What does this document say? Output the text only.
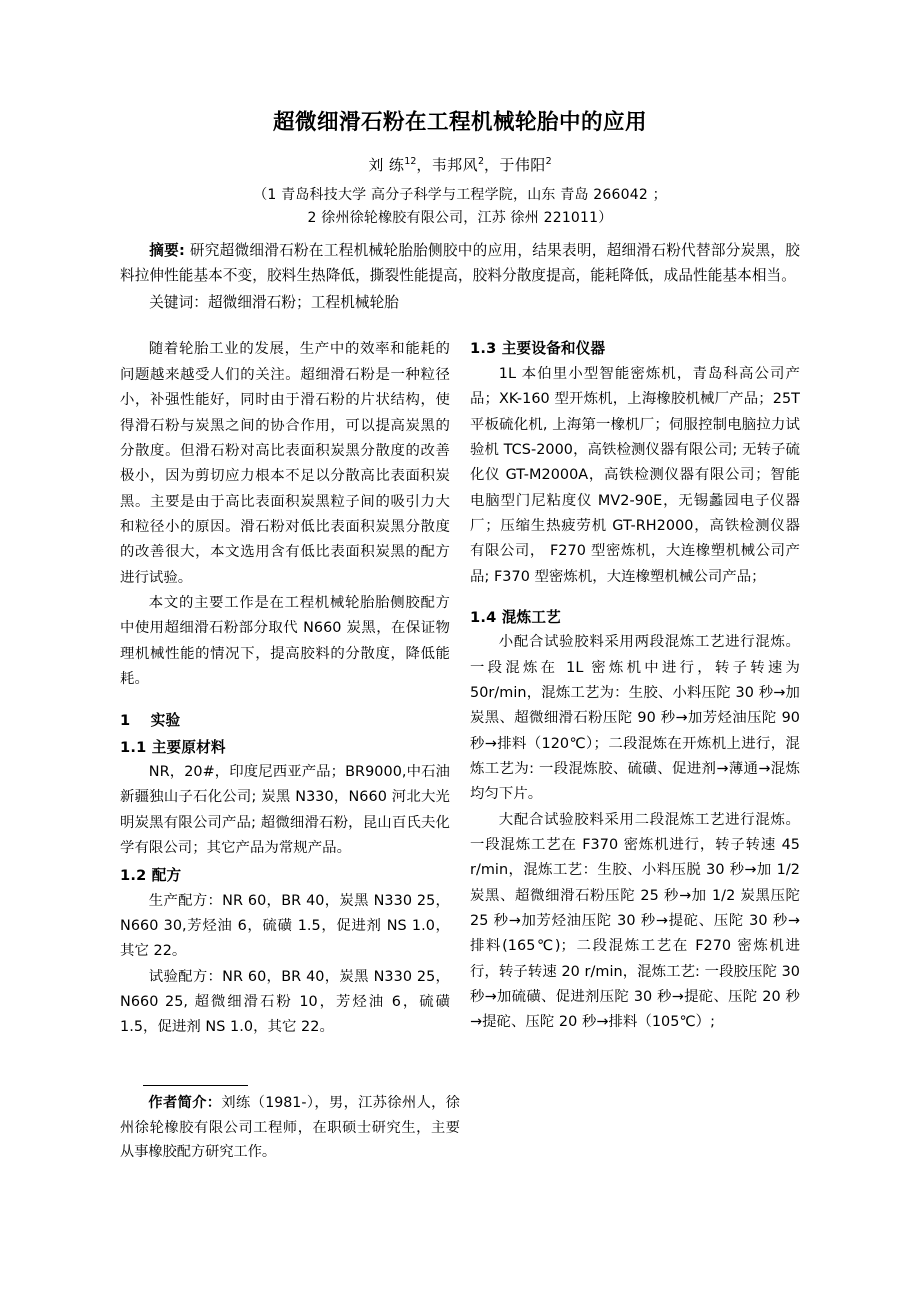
超微细滑石粉在工程机械轮胎中的应用
刘 练$^{12}$，韦邦风$^2$，于伟阳$^2$
（1 青岛科技大学 高分子科学与工程学院，山东 青岛 266042 ；
2 徐州徐轮橡胶有限公司，江苏 徐州 221011）

摘要: 研究超微细滑石粉在工程机械轮胎胎侧胶中的应用，结果表明，超细滑石粉代替部分炭黑，胶料拉伸性能基本不变，胶料生热降低，撕裂性能提高，胶料分散度提高，能耗降低，成品性能基本相当。

关键词：超微细滑石粉；工程机械轮胎

随着轮胎工业的发展，生产中的效率和能耗的问题越来越受人们的关注。超细滑石粉是一种粒径小，补强性能好，同时由于滑石粉的片状结构，使得滑石粉与炭黑之间的协合作用，可以提高炭黑的分散度。但滑石粉对高比表面积炭黑分散度的改善极小，因为剪切应力根本不足以分散高比表面积炭黑。主要是由于高比表面积炭黑粒子间的吸引力大和粒径小的原因。滑石粉对低比表面积炭黑分散度的改善很大，本文选用含有低比表面积炭黑的配方进行试验。

本文的主要工作是在工程机械轮胎胎侧胶配方中使用超细滑石粉部分取代 N660 炭黑，在保证物理机械性能的情况下，提高胶料的分散度，降低能耗。

1 实验
1.1 主要原材料

NR，20#，印度尼西亚产品；BR9000,中石油新疆独山子石化公司; 炭黑 N330，N660 河北大光明炭黑有限公司产品; 超微细滑石粉，昆山百氏夫化学有限公司；其它产品为常规产品。

1.2 配方

生产配方：NR 60，BR 40，炭黑 N330 25，N660 30,芳烃油 6，硫磺 1.5，促进剂 NS 1.0，其它 22。

试验配方：NR 60，BR 40，炭黑 N330 25，N660 25, 超微细滑石粉 10，芳烃油 6，硫磺 1.5，促进剂 NS 1.0，其它 22。

1.3 主要设备和仪器

1L 本伯里小型智能密炼机，青岛科高公司产品；XK-160 型开炼机，上海橡胶机械厂产品；25T 平板硫化机, 上海第一橡机厂；伺服控制电脑拉力试验机 TCS-2000，高铁检测仪器有限公司; 无转子硫化仪 GT-M2000A，高铁检测仪器有限公司；智能电脑型门尼粘度仪 MV2-90E，无锡蠡园电子仪器厂；压缩生热疲劳机 GT-RH2000，高铁检测仪器有限公司， F270 型密炼机，大连橡塑机械公司产品; F370 型密炼机，大连橡塑机械公司产品；

1.4 混炼工艺

小配合试验胶料采用两段混炼工艺进行混炼。一段混炼在 1L 密炼机中进行，转子转速为 50r/min，混炼工艺为：生胶、小料压陀 30 秒→加炭黑、超微细滑石粉压陀 90 秒→加芳烃油压陀 90 秒→排料（120℃）；二段混炼在开炼机上进行，混炼工艺为: 一段混炼胶、硫磺、促进剂→薄通→混炼均匀下片。

大配合试验胶料采用二段混炼工艺进行混炼。一段混炼工艺在 F370 密炼机进行，转子转速 45 r/min，混炼工艺：生胶、小料压脱 30 秒→加 1/2 炭黑、超微细滑石粉压陀 25 秒→加 1/2 炭黑压陀 25 秒→加芳烃油压陀 30 秒→提砣、压陀 30 秒→排料(165℃)；二段混炼工艺在 F270 密炼机进行，转子转速 20 r/min，混炼工艺: 一段胶压陀 30 秒→加硫磺、促进剂压陀 30 秒→提砣、压陀 20 秒→提砣、压陀 20 秒→排料（105℃）;

作者简介：刘练（1981-），男，江苏徐州人，徐州徐轮橡胶有限公司工程师，在职硕士研究生，主要从事橡胶配方研究工作。
